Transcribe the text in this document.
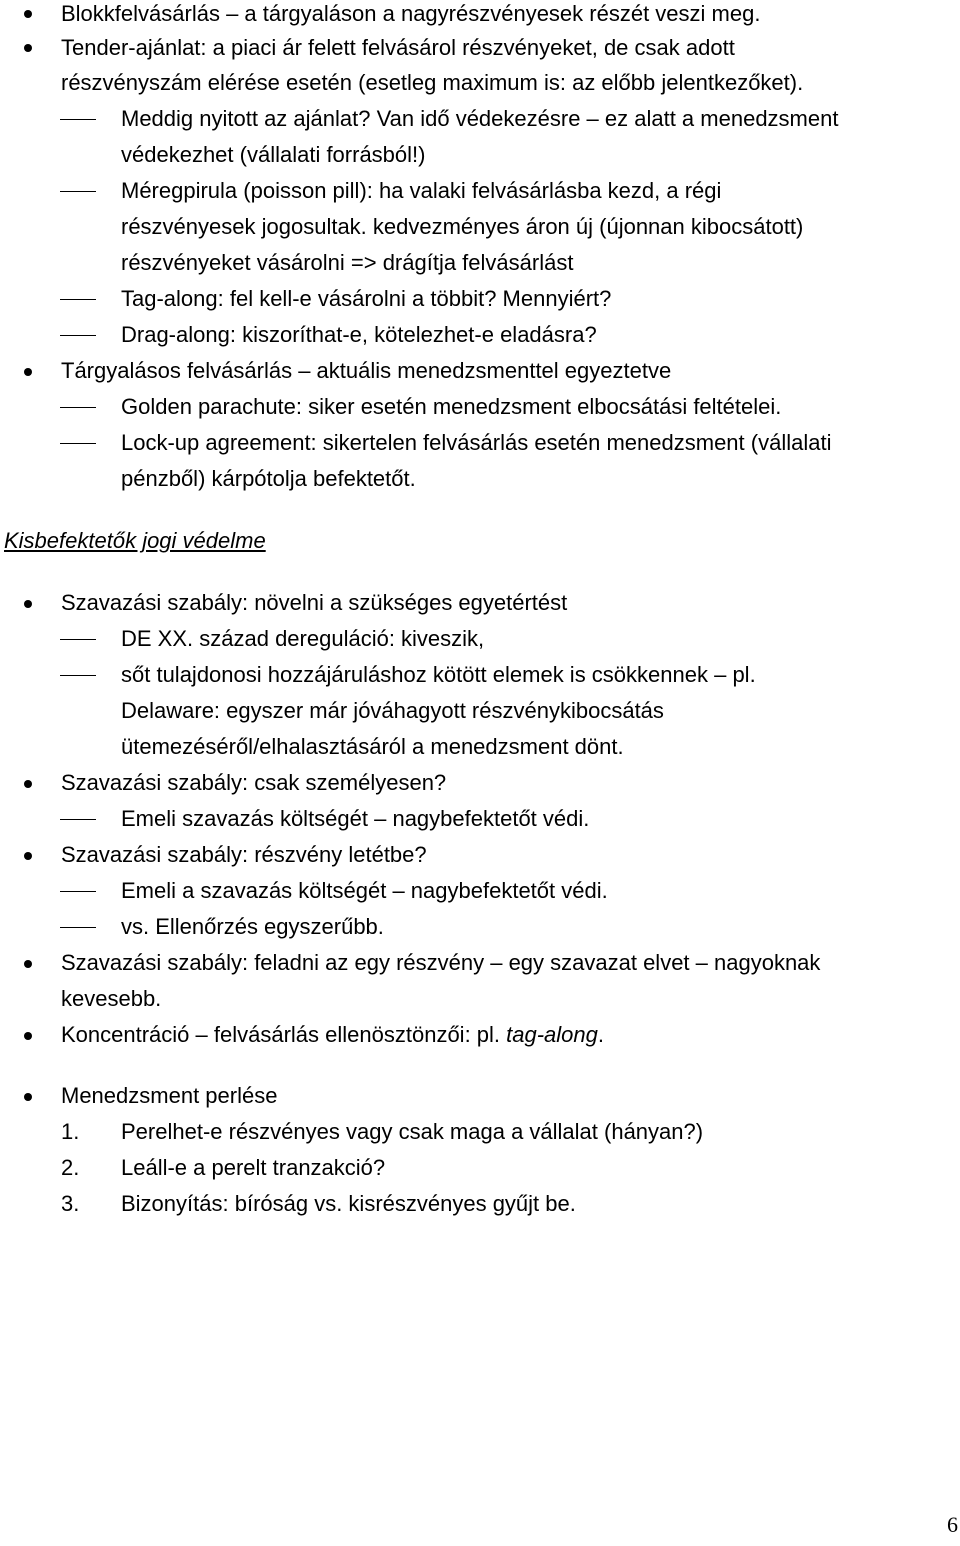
Blokkfelvásárlás – a tárgyaláson a nagyrészvényesek részét veszi meg.
Tender-ajánlat: a piaci ár felett felvásárol részvényeket, de csak adott
részvényszám elérése esetén (esetleg maximum is: az előbb jelentkezőket).
Meddig nyitott az ajánlat? Van idő védekezésre – ez alatt a menedzsment
védekezhet (vállalati forrásból!)
Méregpirula (poisson pill): ha valaki felvásárlásba kezd, a régi
részvényesek jogosultak. kedvezményes áron új (újonnan kibocsátott)
részvényeket vásárolni => drágítja felvásárlást
Tag-along: fel kell-e vásárolni a többit? Mennyiért?
Drag-along: kiszoríthat-e, kötelezhet-e eladásra?
Tárgyalásos felvásárlás – aktuális menedzsmenttel egyeztetve
Golden parachute: siker esetén menedzsment elbocsátási feltételei.
Lock-up agreement: sikertelen felvásárlás esetén menedzsment (vállalati
pénzből) kárpótolja befektetőt.
Kisbefektetők jogi védelme
Szavazási szabály: növelni a szükséges egyetértést
DE XX. század dereguláció: kiveszik,
sőt tulajdonosi hozzájáruláshoz kötött elemek is csökkennek – pl.
Delaware: egyszer már jóváhagyott részvénykibocsátás
ütemezéséről/elhalasztásáról a menedzsment dönt.
Szavazási szabály: csak személyesen?
Emeli szavazás költségét – nagybefektetőt védi.
Szavazási szabály: részvény letétbe?
Emeli a szavazás költségét – nagybefektetőt védi.
vs. Ellenőrzés egyszerűbb.
Szavazási szabály: feladni az egy részvény – egy szavazat elvet – nagyoknak
kevesebb.
Koncentráció – felvásárlás ellenösztönzői: pl. tag-along.
Menedzsment perlése
1. Perelhet-e részvényes vagy csak maga a vállalat (hányan?)
2. Leáll-e a perelt tranzakció?
3. Bizonyítás: bíróság vs. kisrészvényes gyűjt be.
6
